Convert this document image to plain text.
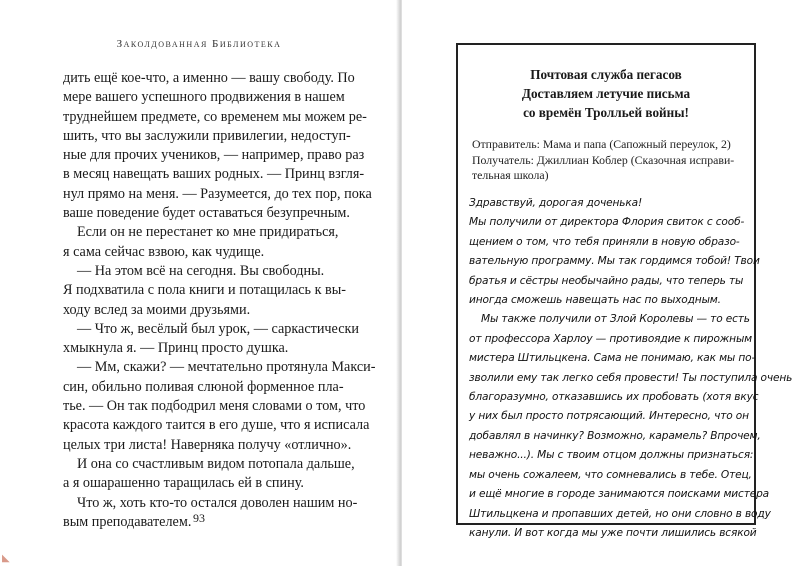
Заколдованная Библиотека
дить ещё кое-что, а именно — вашу свободу. По
мере вашего успешного продвижения в нашем
труднейшем предмете, со временем мы можем ре-
шить, что вы заслужили привилегии, недоступ-
ные для прочих учеников, — например, право раз
в месяц навещать ваших родных. — Принц взгля-
нул прямо на меня. — Разумеется, до тех пор, пока
ваше поведение будет оставаться безупречным.
Если он не перестанет ко мне придираться,
я сама сейчас взвою, как чудище.
— На этом всё на сегодня. Вы свободны.
Я подхватила с пола книги и потащилась к вы-
ходу вслед за моими друзьями.
— Что ж, весёлый был урок, — саркастически
хмыкнула я. — Принц просто душка.
— Мм, скажи? — мечтательно протянула Макси-
син, обильно поливая слюной форменное пла-
тье. — Он так подбодрил меня словами о том, что
красота каждого таится в его душе, что я исписала
целых три листа! Наверняка получу «отлично».
И она со счастливым видом потопала дальше,
а я ошарашенно таращилась ей в спину.
Что ж, хоть кто-то остался доволен нашим но-
вым преподавателем. 93
◣
Почтовая служба пегасов
Доставляем летучие письма
со времён Тролльей войны!
Отправитель: Мама и папа (Сапожный переулок, 2)
Получатель: Джиллиан Коблер (Сказочная исправи-
тельная школа)
Здравствуй, дорогая доченька!
Мы получили от директора Флория свиток с сооб-
щением о том, что тебя приняли в новую образо-
вательную программу. Мы так гордимся тобой! Твои
братья и сёстры необычайно рады, что теперь ты
иногда сможешь навещать нас по выходным.
Мы также получили от Злой Королевы — то есть
от профессора Харлоу — противоядие к пирожным
мистера Штильцкена. Сама не понимаю, как мы по-
зволили ему так легко себя провести! Ты поступила очень
благоразумно, отказавшись их пробовать (хотя вкус
у них был просто потрясающий. Интересно, что он
добавлял в начинку? Возможно, карамель? Впрочем,
неважно...). Мы с твоим отцом должны признаться:
мы очень сожалеем, что сомневались в тебе. Отец,
и ещё многие в городе занимаются поисками мистера
Штильцкена и пропавших детей, но они словно в воду
канули. И вот когда мы уже почти лишились всякой
